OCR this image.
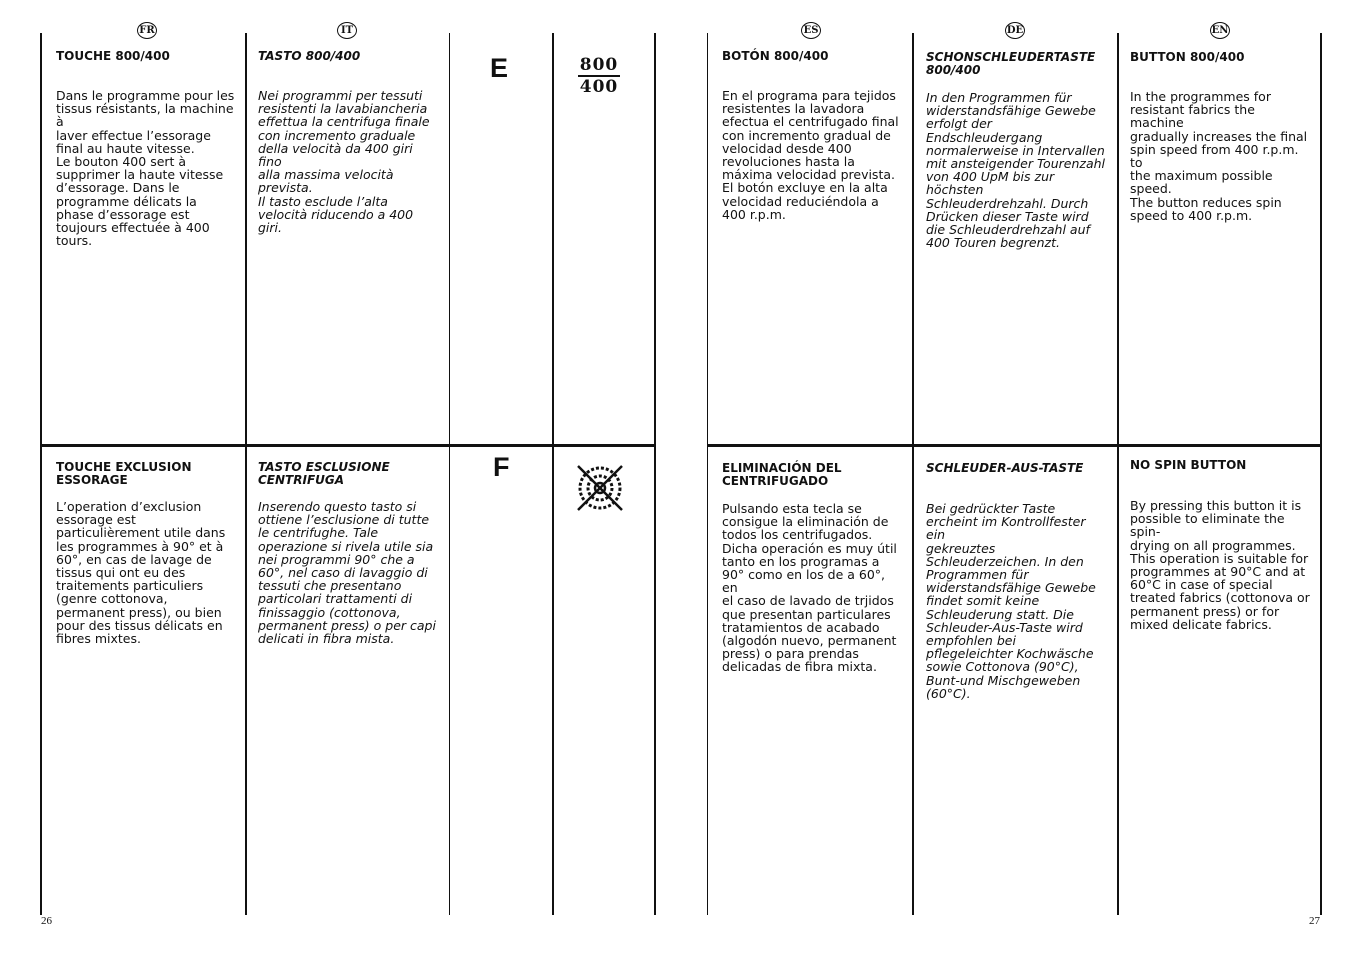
FR	IT	ES	DE	EN
E
F
800
400
TOUCHE 800/400

Dans le programme pour les
tissus résistants, la machine à
laver effectue l’essorage
final au haute vitesse.
Le bouton 400 sert à
supprimer la haute vitesse
d’essorage. Dans le
programme délicats la
phase d’essorage est
toujours effectuée à 400
tours.

TASTO 800/400

Nei programmi per tessuti
resistenti la lavabiancheria
effettua la centrifuga finale
con incremento graduale
della velocità da 400 giri fino
alla massima velocità
prevista.
Il tasto esclude l’alta
velocità riducendo a 400
giri.

BOTÓN 800/400

En el programa para tejidos
resistentes la lavadora
efectua el centrifugado final
con incremento gradual de
velocidad desde 400
revoluciones hasta la
máxima velocidad prevista.
El botón excluye en la alta
velocidad reduciéndola a
400 r.p.m.

SCHONSCHLEUDERTASTE
800/400

In den Programmen für
widerstandsfähige Gewebe
erfolgt der
Endschleudergang
normalerweise in Intervallen
mit ansteigender Tourenzahl
von 400 UpM bis zur
höchsten
Schleuderdrehzahl. Durch
Drücken dieser Taste wird
die Schleuderdrehzahl auf
400 Touren begrenzt.

BUTTON 800/400

In the programmes for
resistant fabrics the machine
gradually increases the final
spin speed from 400 r.p.m. to
the maximum possible
speed.
The button reduces spin
speed to 400 r.p.m.

TOUCHE EXCLUSION
ESSORAGE

L’operation d’exclusion
essorage est
particulièrement utile dans
les programmes à 90° et à
60°, en cas de lavage de
tissus qui ont eu des
traitements particuliers
(genre cottonova,
permanent press), ou bien
pour des tissus délicats en
fibres mixtes.

TASTO ESCLUSIONE
CENTRIFUGA

Inserendo questo tasto si
ottiene l’esclusione di tutte
le centrifughe. Tale
operazione si rivela utile sia
nei programmi 90° che a
60°, nel caso di lavaggio di
tessuti che presentano
particolari trattamenti di
finissaggio (cottonova,
permanent press) o per capi
delicati in fibra mista.

ELIMINACIÓN DEL
CENTRIFUGADO

Pulsando esta tecla se
consigue la eliminación de
todos los centrifugados.
Dicha operación es muy útil
tanto en los programas a
90° como en los de a 60°, en
el caso de lavado de trjidos
que presentan particulares
tratamientos de acabado
(algodón nuevo, permanent
press) o para prendas
delicadas de fibra mixta.

SCHLEUDER-AUS-TASTE

Bei gedrückter Taste
ercheint im Kontrollfester ein
gekreuztes
Schleuderzeichen. In den
Programmen für
widerstandsfähige Gewebe
findet somit keine
Schleuderung statt. Die
Schleuder-Aus-Taste wird
empfohlen bei
pflegeleichter Kochwäsche
sowie Cottonova (90°C),
Bunt-und Mischgeweben
(60°C).

NO SPIN BUTTON

By pressing this button it is
possible to eliminate the spin-
drying on all programmes.
This operation is suitable for
programmes at 90°C and at
60°C in case of special
treated fabrics (cottonova or
permanent press) or for
mixed delicate fabrics.

26	27
